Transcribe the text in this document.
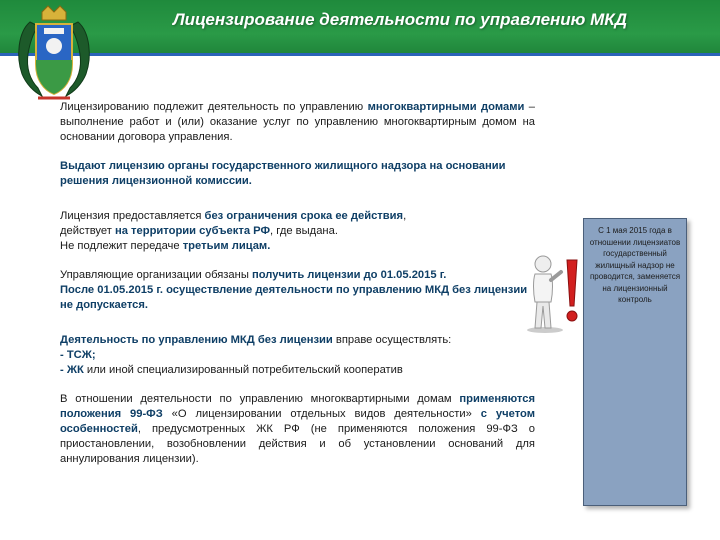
Лицензирование деятельности по управлению МКД

Лицензированию подлежит деятельность по управлению многоквартирными домами – выполнение работ и (или) оказание услуг по управлению многоквартирным домом на основании договора управления.

Выдают лицензию органы государственного жилищного надзора на основании решения лицензионной комиссии.

Лицензия предоставляется без ограничения срока ее действия,
действует на территории субъекта РФ, где выдана.
Не подлежит передаче третьим лицам.

Управляющие организации обязаны получить лицензии до 01.05.2015 г.
После 01.05.2015 г. осуществление деятельности по управлению МКД без лицензии не допускается.

Деятельность по управлению МКД без лицензии вправе осуществлять:
- ТСЖ;
- ЖК или иной специализированный потребительский кооператив

В отношении деятельности по управлению многоквартирными домам применяются положения 99-ФЗ «О лицензировании отдельных видов деятельности» с учетом особенностей, предусмотренных ЖК РФ (не применяются положения 99-ФЗ о приостановлении, возобновлении действия и об установлении оснований для аннулирования лицензии).

С 1 мая 2015 года в отношении лицензиатов государственный жилищный надзор не проводится, заменяется на лицензионный контроль
